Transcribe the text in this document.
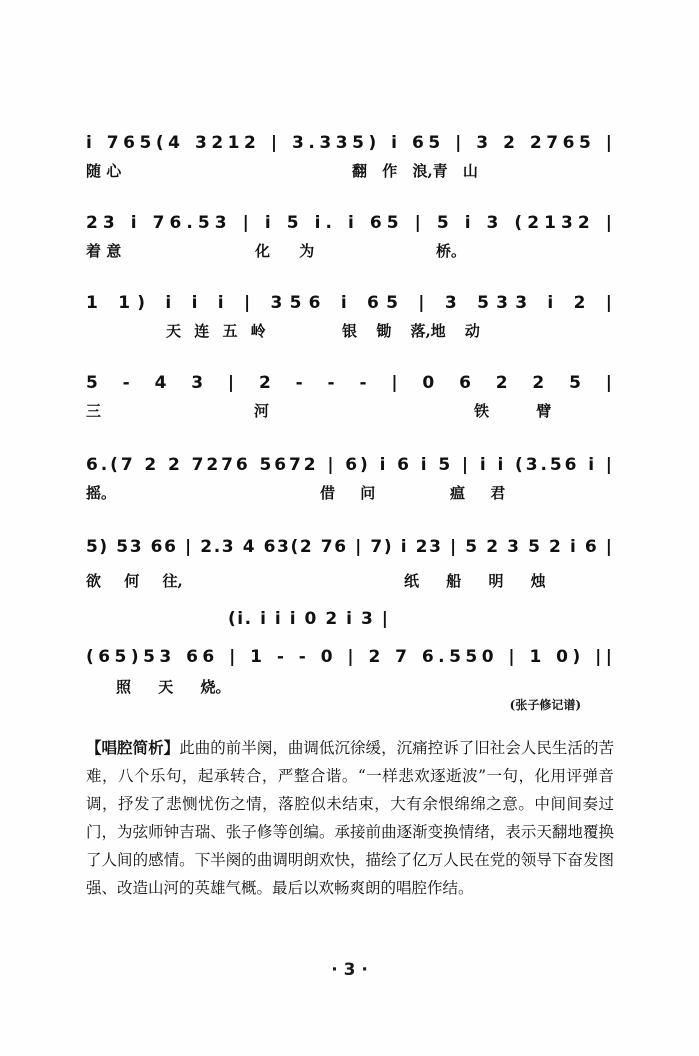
i 765(4 3212 | 3.335) i 65 | 3 2 2765 |
23 i 76.53 | i 5 i. i 65 | 5 i 3 (2132 |
1 1) i i i | 356 i 65 | 3 533 i 2 |
5 - 4 3 | 2 - - - | 0 6 2 2 5 |
6.(7 2 2 7276 5672 | 6) i 6 i 5 | i i (3.56 i |
5) 53 66 | 2.3 4 63(2 76 | 7) i 23 | 5 2 3 5 2 i 6 |
(65)53 66 | 1 - - 0 | 2 7 6.550 | 1 0) ||
(i. i i i 0 2 i 3 |
随 心	翻 作 浪,青 山
着 意	化 为	桥。
天 连 五 岭	银 锄 落,地 动
三	河	铁 臂
摇。	借 问	瘟 君
欲 何 往,	纸 船 明 烛
照 天 烧。
(张子修记谱)
【唱腔简析】此曲的前半阕，曲调低沉徐缓，沉痛控诉了旧社会人民生活的苦难，八个乐句，起承转合，严整合谐。“一样悲欢逐逝波”一句，化用评弹音调，抒发了悲恻忧伤之情，落腔似未结束，大有余恨绵绵之意。中间间奏过门，为弦师钟吉瑞、张子修等创编。承接前曲逐渐变换情绪，表示天翻地覆换了人间的感情。下半阕的曲调明朗欢快，描绘了亿万人民在党的领导下奋发图强、改造山河的英雄气概。最后以欢畅爽朗的唱腔作结。
· 3 ·
